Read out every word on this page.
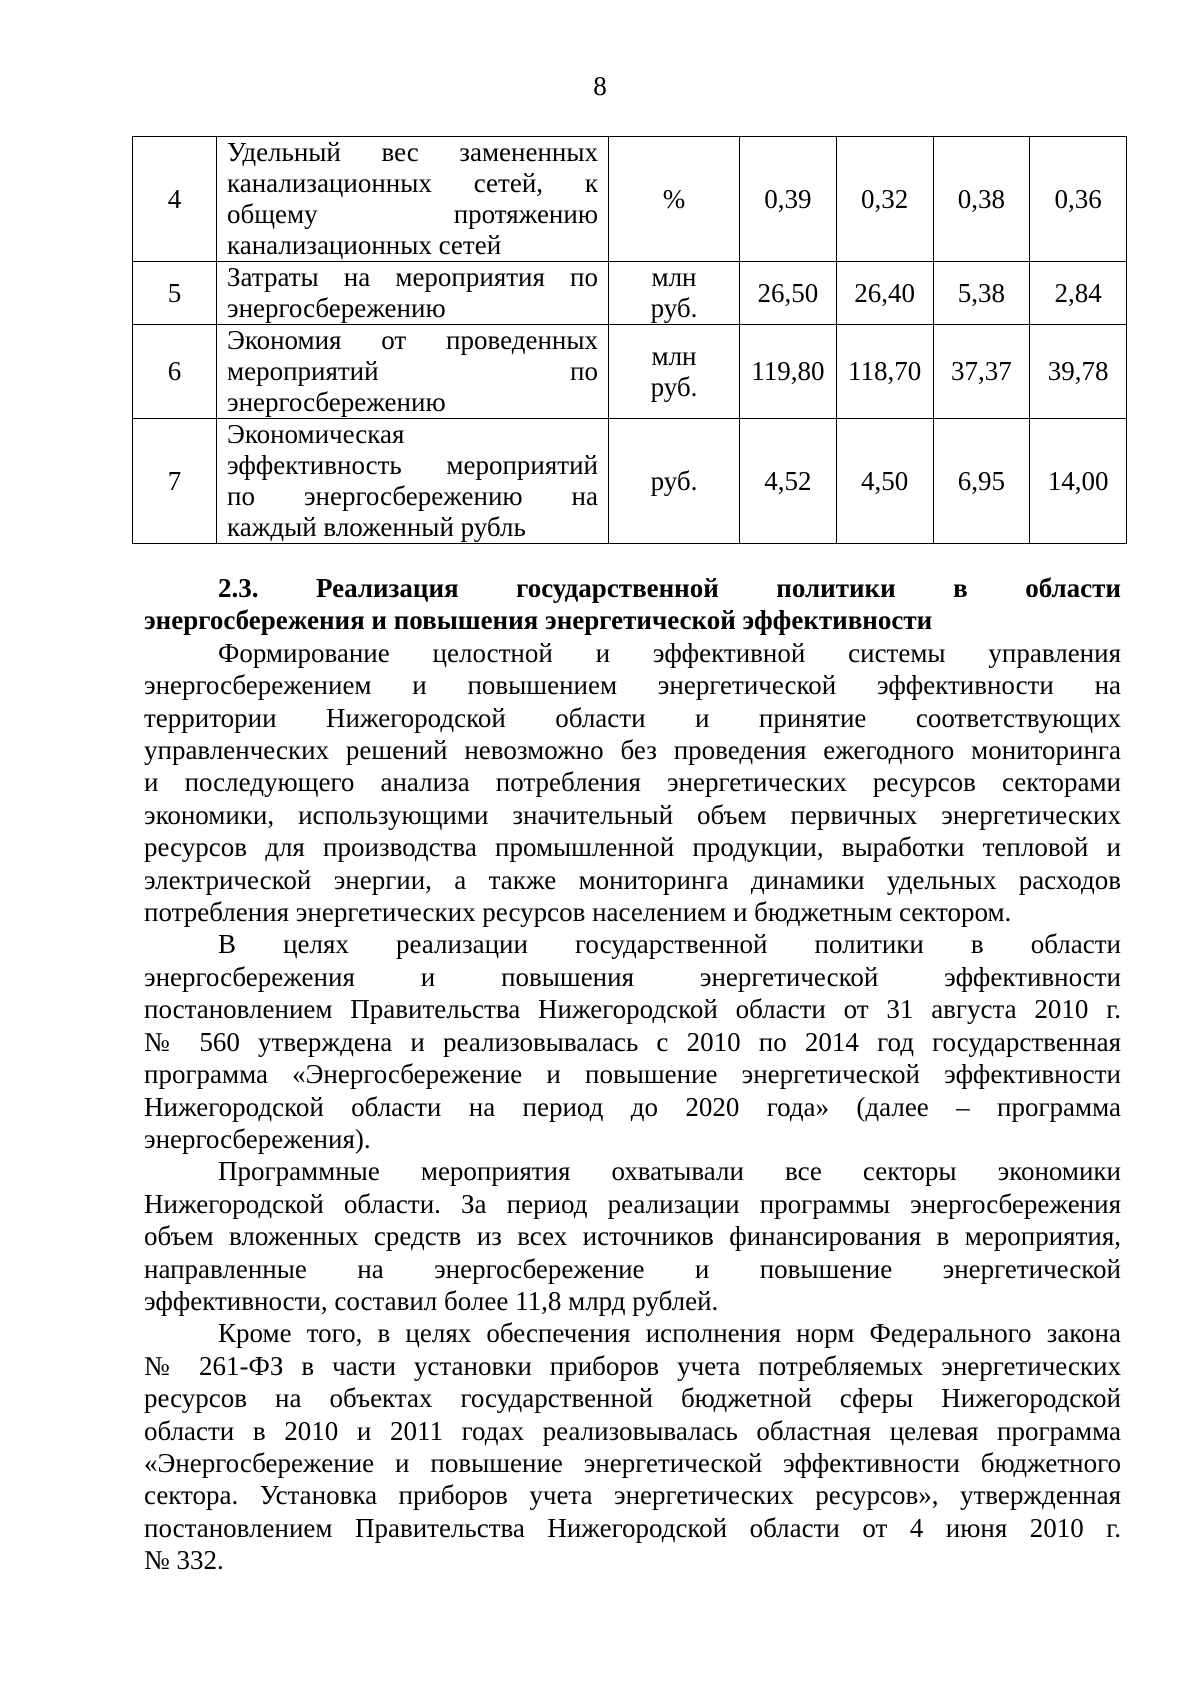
8
4	Удельный вес замененных
канализационных сетей, к
общему протяжению
канализационных сетей	%	0,39	0,32	0,38	0,36
5	Затраты на мероприятия по
энергосбережению	млн
руб.	26,50	26,40	5,38	2,84
6	Экономия от проведенных
мероприятий по
энергосбережению	млн
руб.	119,80	118,70	37,37	39,78
7	Экономическая
эффективность мероприятий
по энергосбережению на
каждый вложенный рубль	руб.	4,52	4,50	6,95	14,00
2.3. Реализация государственной политики в области
энергосбережения и повышения энергетической эффективности
Формирование целостной и эффективной системы управления
энергосбережением и повышением энергетической эффективности на
территории Нижегородской области и принятие соответствующих
управленческих решений невозможно без проведения ежегодного мониторинга
и последующего анализа потребления энергетических ресурсов секторами
экономики, использующими значительный объем первичных энергетических
ресурсов для производства промышленной продукции, выработки тепловой и
электрической энергии, а также мониторинга динамики удельных расходов
потребления энергетических ресурсов населением и бюджетным сектором.
В целях реализации государственной политики в области
энергосбережения и повышения энергетической эффективности
постановлением Правительства Нижегородской области от 31 августа 2010 г.
№ 560 утверждена и реализовывалась с 2010 по 2014 год государственная
программа «Энергосбережение и повышение энергетической эффективности
Нижегородской области на период до 2020 года» (далее – программа
энергосбережения).
Программные мероприятия охватывали все секторы экономики
Нижегородской области. За период реализации программы энергосбережения
объем вложенных средств из всех источников финансирования в мероприятия,
направленные на энергосбережение и повышение энергетической
эффективности, составил более 11,8 млрд рублей.
Кроме того, в целях обеспечения исполнения норм Федерального закона
№ 261-ФЗ в части установки приборов учета потребляемых энергетических
ресурсов на объектах государственной бюджетной сферы Нижегородской
области в 2010 и 2011 годах реализовывалась областная целевая программа
«Энергосбережение и повышение энергетической эффективности бюджетного
сектора. Установка приборов учета энергетических ресурсов», утвержденная
постановлением Правительства Нижегородской области от 4 июня 2010 г.
№ 332.
